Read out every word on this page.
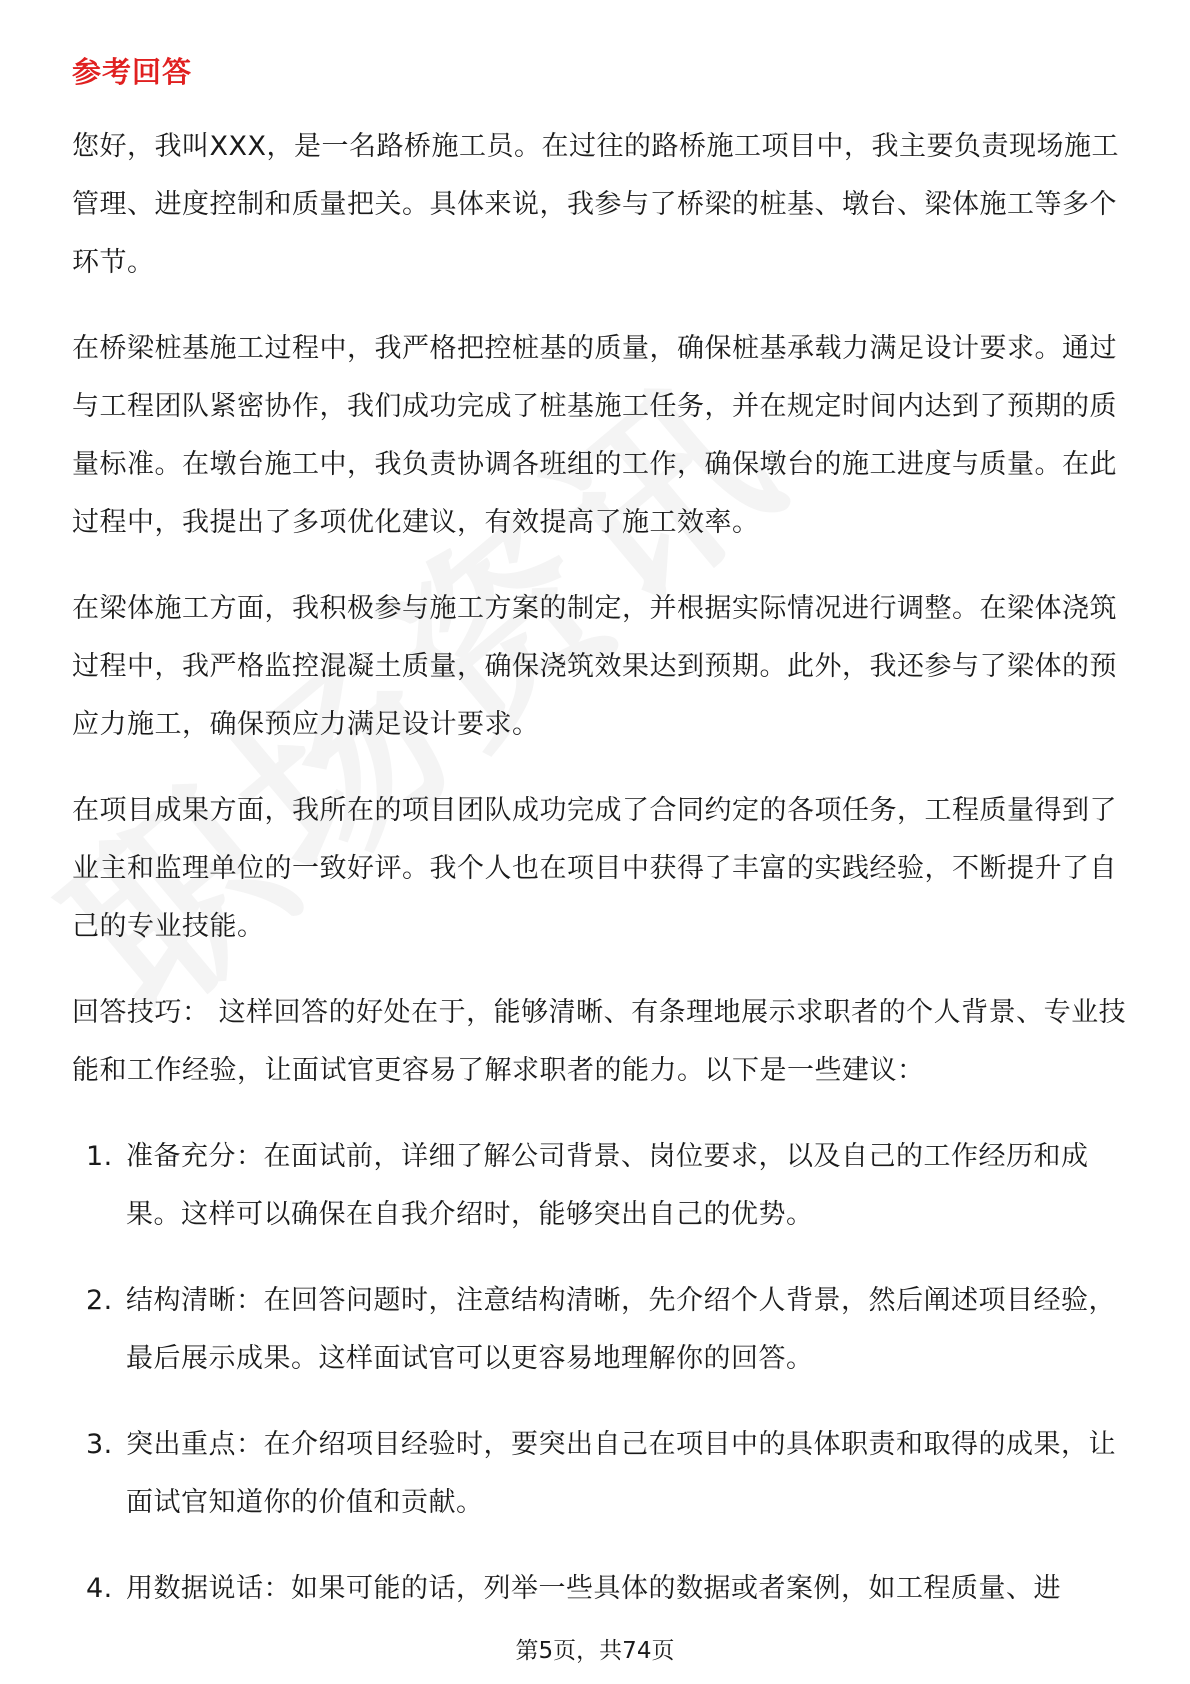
参考回答

您好，我叫XXX，是一名路桥施工员。在过往的路桥施工项目中，我主要负责现场施工管理、进度控制和质量把关。具体来说，我参与了桥梁的桩基、墩台、梁体施工等多个环节。

在桥梁桩基施工过程中，我严格把控桩基的质量，确保桩基承载力满足设计要求。通过与工程团队紧密协作，我们成功完成了桩基施工任务，并在规定时间内达到了预期的质量标准。在墩台施工中，我负责协调各班组的工作，确保墩台的施工进度与质量。在此过程中，我提出了多项优化建议，有效提高了施工效率。

在梁体施工方面，我积极参与施工方案的制定，并根据实际情况进行调整。在梁体浇筑过程中，我严格监控混凝土质量，确保浇筑效果达到预期。此外，我还参与了梁体的预应力施工，确保预应力满足设计要求。

在项目成果方面，我所在的项目团队成功完成了合同约定的各项任务，工程质量得到了业主和监理单位的一致好评。我个人也在项目中获得了丰富的实践经验，不断提升了自己的专业技能。

回答技巧： 这样回答的好处在于，能够清晰、有条理地展示求职者的个人背景、专业技能和工作经验，让面试官更容易了解求职者的能力。以下是一些建议：

1. 准备充分：在面试前，详细了解公司背景、岗位要求，以及自己的工作经历和成果。这样可以确保在自我介绍时，能够突出自己的优势。
2. 结构清晰：在回答问题时，注意结构清晰，先介绍个人背景，然后阐述项目经验，最后展示成果。这样面试官可以更容易地理解你的回答。
3. 突出重点：在介绍项目经验时，要突出自己在项目中的具体职责和取得的成果，让面试官知道你的价值和贡献。
4. 用数据说话：如果可能的话，列举一些具体的数据或者案例，如工程质量、进
第5页，共74页
